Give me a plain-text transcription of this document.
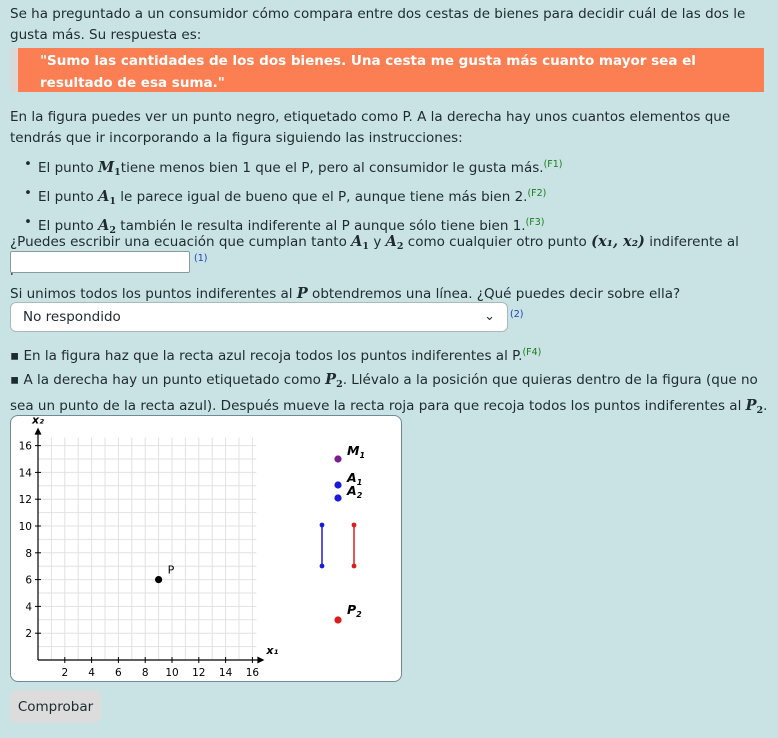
Se ha preguntado a un consumidor cómo compara entre dos cestas de bienes para decidir cuál de las dos le gusta más. Su respuesta es:
"Sumo las cantidades de los dos bienes. Una cesta me gusta más cuanto mayor sea el resultado de esa suma."
En la figura puedes ver un punto negro, etiquetado como P. A la derecha hay unos cuantos elementos que tendrás que ir incorporando a la figura siguiendo las instrucciones:
• El punto $M_1tiene$ menos bien 1 que el P, pero al consumidor le gusta más.$^{(F1)}$
• El punto $A_1$ le parece igual de bueno que el P, aunque tiene más bien 2.$^{(F2)}$
• El punto $A_2$ también le resulta indiferente al P aunque sólo tiene bien 1.$^{(F3)}$
¿Puedes escribir una ecuación que cumplan tanto $A_1$ y $A_2$ como cualquier otro punto (x₁, x₂) indiferente al
(1)
Si unimos todos los puntos indiferentes al P obtendremos una línea. ¿Qué puedes decir sobre ella?
No respondido	⌄ (2)
▪ En la figura haz que la recta azul recoja todos los puntos indiferentes al P.$^{(F4)}$
▪ A la derecha hay un punto etiquetado como $P_2$. Llévalo a la posición que quieras dentro de la figura (que no sea un punto de la recta azul). Después mueve la recta roja para que recoja todos los puntos indiferentes al $P_2$.
x₁
x₂
2 4 6 8 10 12 14 16
2
4
6
8
10
12
14
16
P
$M_1$
$A_1$
$A_2$
$P_2$
Comprobar
